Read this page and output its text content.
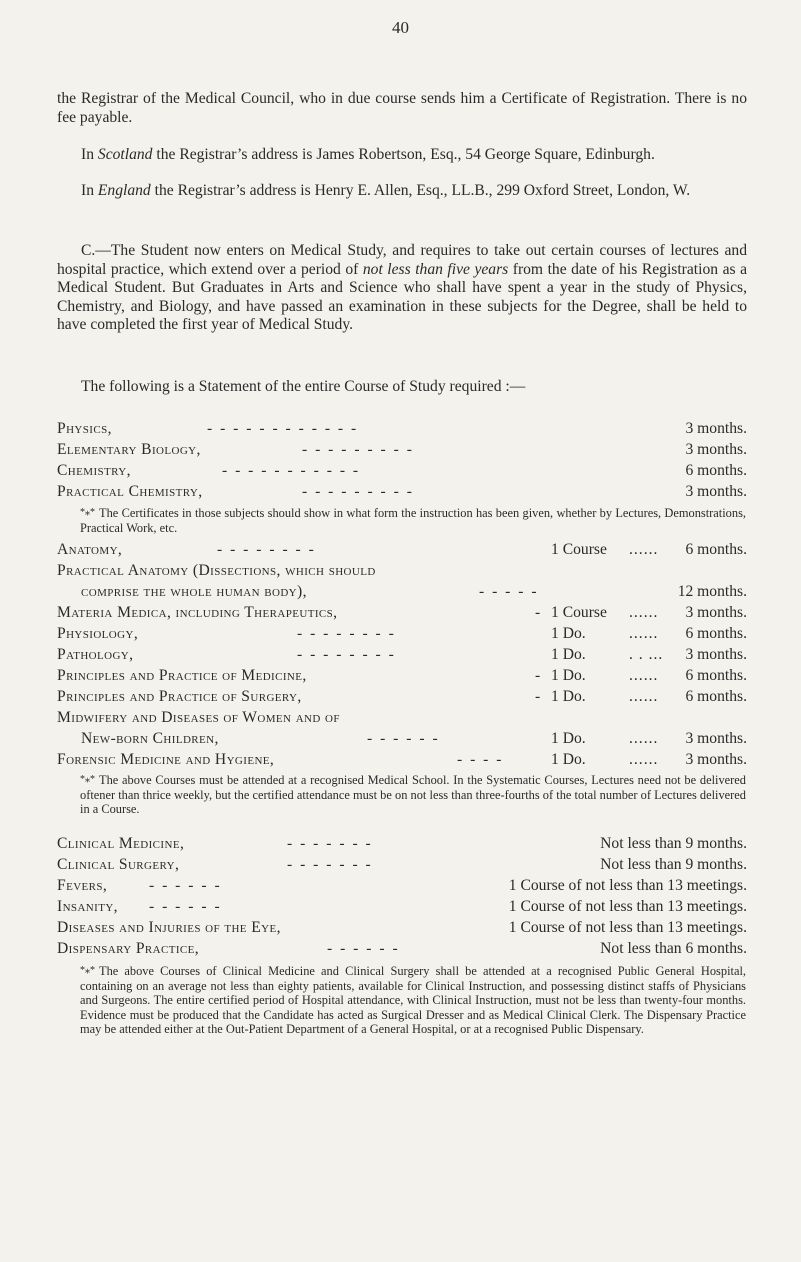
40

the Registrar of the Medical Council, who in due course sends him a Certificate of Registration. There is no fee payable.

In Scotland the Registrar’s address is James Robertson, Esq., 54 George Square, Edinburgh.

In England the Registrar’s address is Henry E. Allen, Esq., LL.B., 299 Oxford Street, London, W.

C.—The Student now enters on Medical Study, and requires to take out certain courses of lectures and hospital practice, which extend over a period of not less than five years from the date of his Registration as a Medical Student. But Graduates in Arts and Science who shall have spent a year in the study of Physics, Chemistry, and Biology, and have passed an examination in these subjects for the Degree, shall be held to have completed the first year of Medical Study.

The following is a Statement of the entire Course of Study required :—

Physics,	- - - - - - - - - - - -	3 months.
Elementary Biology,	- - - - - - - - -	3 months.
Chemistry,	- - - - - - - - - - -	6 months.
Practical Chemistry,	- - - - - - - - -	3 months.
*⁎* The Certificates in those subjects should show in what form the instruction has been given, whether by Lectures, Demonstrations, Practical Work, etc.
Anatomy,	- - - - - - - -	1 Course ...... 6 months.
Practical Anatomy (Dissections, which should
comprise the whole human body),	- - - - -	12 months.
Materia Medica, including Therapeutics,	- 1 Course ...... 3 months.
Physiology,	- - - - - - - -	1 Do.	...... 6 months.
Pathology,	- - - - - - - -	1 Do.	. . ... 3 months.
Principles and Practice of Medicine,	- 1 Do.	...... 6 months.
Principles and Practice of Surgery,	- 1 Do.	...... 6 months.
Midwifery and Diseases of Women and of
New-born Children,	- - - - - -	1 Do.	...... 3 months.
Forensic Medicine and Hygiene,	- - - -	1 Do.	...... 3 months.
*⁎* The above Courses must be attended at a recognised Medical School. In the Systematic Courses, Lectures need not be delivered oftener than thrice weekly, but the certified attendance must be on not less than three-fourths of the total number of Lectures delivered in a Course.
Clinical Medicine,	- - - - - - -	Not less than 9 months.
Clinical Surgery,	- - - - - - -	Not less than 9 months.
Fevers,	- - - - - -	1 Course of not less than 13 meetings.
Insanity, - - - - - -	1 Course of not less than 13 meetings.
Diseases and Injuries of the Eye,	1 Course of not less than 13 meetings.
Dispensary Practice,	- - - - - -	Not less than 6 months.
*⁎* The above Courses of Clinical Medicine and Clinical Surgery shall be attended at a recognised Public General Hospital, containing on an average not less than eighty patients, available for Clinical Instruction, and possessing distinct staffs of Physicians and Surgeons. The entire certified period of Hospital attendance, with Clinical Instruction, must not be less than twenty-four months. Evidence must be produced that the Candidate has acted as Surgical Dresser and as Medical Clinical Clerk. The Dispensary Practice may be attended either at the Out-Patient Department of a General Hospital, or at a recognised Public Dispensary.
